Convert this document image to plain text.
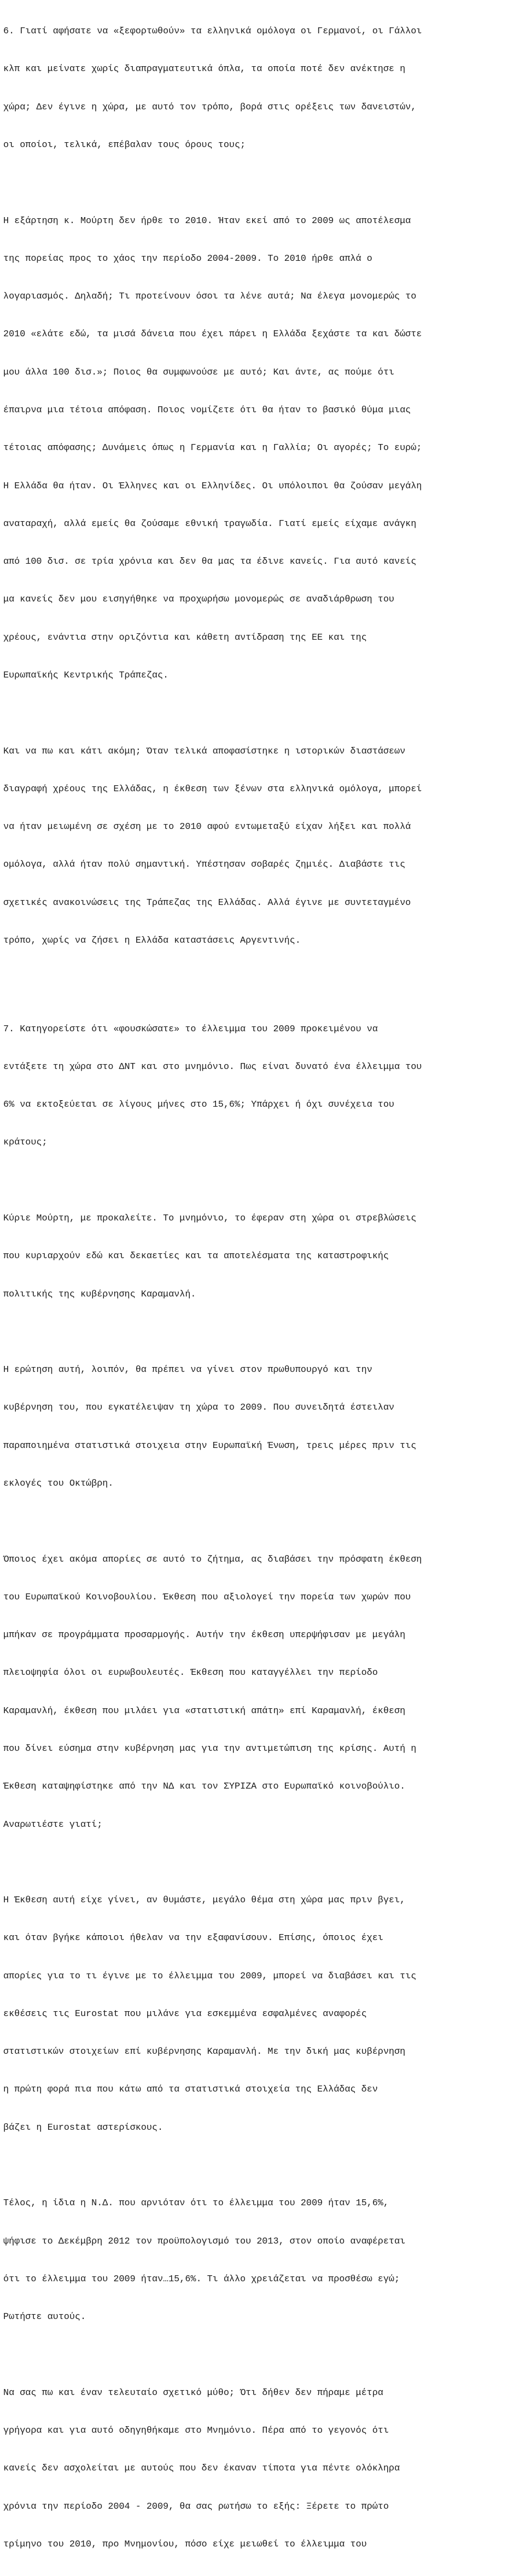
6. Γιατί αφήσατε να «ξεφορτωθούν» τα ελληνικά ομόλογα οι Γερμανοί, οι Γάλλοι

κλπ και μείνατε χωρίς διαπραγματευτικά όπλα, τα οποία ποτέ δεν ανέκτησε η

χώρα; Δεν έγινε η χώρα, με αυτό τον τρόπο, βορά στις ορέξεις των δανειστών,

οι οποίοι, τελικά, επέβαλαν τους όρους τους;

Η εξάρτηση κ. Μούρτη δεν ήρθε το 2010. Ήταν εκεί από το 2009 ως αποτέλεσμα

της πορείας προς το χάος την περίοδο 2004-2009. Το 2010 ήρθε απλά ο

λογαριασμός. Δηλαδή; Τι προτείνουν όσοι τα λένε αυτά; Να έλεγα μονομερώς το

2010 «ελάτε εδώ, τα μισά δάνεια που έχει πάρει η Ελλάδα ξεχάστε τα και δώστε

μου άλλα 100 δισ.»; Ποιος θα συμφωνούσε με αυτό; Και άντε, ας πούμε ότι

έπαιρνα μια τέτοια απόφαση. Ποιος νομίζετε ότι θα ήταν το βασικό θύμα μιας

τέτοιας απόφασης; Δυνάμεις όπως η Γερμανία και η Γαλλία; Οι αγορές; Το ευρώ;

Η Ελλάδα θα ήταν. Οι Έλληνες και οι Ελληνίδες. Οι υπόλοιποι θα ζούσαν μεγάλη

αναταραχή, αλλά εμείς θα ζούσαμε εθνική τραγωδία. Γιατί εμείς είχαμε ανάγκη

από 100 δισ. σε τρία χρόνια και δεν θα μας τα έδινε κανείς. Για αυτό κανείς

μα κανείς δεν μου εισηγήθηκε να προχωρήσω μονομερώς σε αναδιάρθρωση του

χρέους, ενάντια στην οριζόντια και κάθετη αντίδραση της ΕΕ και της

Ευρωπαϊκής Κεντρικής Τράπεζας.

Και να πω και κάτι ακόμη; Όταν τελικά αποφασίστηκε η ιστορικών διαστάσεων

διαγραφή χρέους της Ελλάδας, η έκθεση των ξένων στα ελληνικά ομόλογα, μπορεί

να ήταν μειωμένη σε σχέση με το 2010 αφού εντωμεταξύ είχαν λήξει και πολλά

ομόλογα, αλλά ήταν πολύ σημαντική. Υπέστησαν σοβαρές ζημιές. Διαβάστε τις

σχετικές ανακοινώσεις της Τράπεζας της Ελλάδας. Αλλά έγινε με συντεταγμένο

τρόπο, χωρίς να ζήσει η Ελλάδα καταστάσεις Αργεντινής.

7. Κατηγορείστε ότι «φουσκώσατε» το έλλειμμα του 2009 προκειμένου να

εντάξετε τη χώρα στο ΔΝΤ και στο μνημόνιο. Πως είναι δυνατό ένα έλλειμμα του

6% να εκτοξεύεται σε λίγους μήνες στο 15,6%; Υπάρχει ή όχι συνέχεια του

κράτους;

Κύριε Μούρτη, με προκαλείτε. Το μνημόνιο, το έφεραν στη χώρα οι στρεβλώσεις

που κυριαρχούν εδώ και δεκαετίες και τα αποτελέσματα της καταστροφικής

πολιτικής της κυβέρνησης Καραμανλή.

Η ερώτηση αυτή, λοιπόν, θα πρέπει να γίνει στον πρωθυπουργό και την

κυβέρνηση του, που εγκατέλειψαν τη χώρα το 2009. Που συνειδητά έστειλαν

παραποιημένα στατιστικά στοιχεια στην Ευρωπαϊκή Ένωση, τρεις μέρες πριν τις

εκλογές του Οκτώβρη.

Όποιος έχει ακόμα απορίες σε αυτό το ζήτημα, ας διαβάσει την πρόσφατη έκθεση

του Ευρωπαϊκού Κοινοβουλίου. Έκθεση που αξιολογεί την πορεία των χωρών που

μπήκαν σε προγράμματα προσαρμογής. Αυτήν την έκθεση υπερψήφισαν με μεγάλη

πλειοψηφία όλοι οι ευρωβουλευτές. Έκθεση που καταγγέλλει την περίοδο

Καραμανλή, έκθεση που μιλάει για «στατιστική απάτη» επί Καραμανλή, έκθεση

που δίνει εύσημα στην κυβέρνηση μας για την αντιμετώπιση της κρίσης. Αυτή η

Έκθεση καταψηφίστηκε από την ΝΔ και τον ΣΥΡΙΖΑ στο Ευρωπαϊκό κοινοβούλιο.

Αναρωτιέστε γιατί;

Η Έκθεση αυτή είχε γίνει, αν θυμάστε, μεγάλο θέμα στη χώρα μας πριν βγει,

και όταν βγήκε κάποιοι ήθελαν να την εξαφανίσουν. Επίσης, όποιος έχει

απορίες για το τι έγινε με το έλλειμμα του 2009, μπορεί να διαβάσει και τις

εκθέσεις τις Eurostat που μιλάνε για εσκεμμένα εσφαλμένες αναφορές

στατιστικών στοιχείων επί κυβέρνησης Καραμανλή. Με την δική μας κυβέρνηση

η πρώτη φορά πια που κάτω από τα στατιστικά στοιχεία της Ελλάδας δεν

βάζει η Eurostat αστερίσκους.

Τέλος, η ίδια η Ν.Δ. που αρνιόταν ότι το έλλειμμα του 2009 ήταν 15,6%,

ψήφισε το Δεκέμβρη 2012 τον προϋπολογισμό του 2013, στον οποίο αναφέρεται

ότι το έλλειμμα του 2009 ήταν…15,6%. Τι άλλο χρειάζεται να προσθέσω εγώ;

Ρωτήστε αυτούς.

Να σας πω και έναν τελευταίο σχετικό μύθο; Ότι δήθεν δεν πήραμε μέτρα

γρήγορα και για αυτό οδηγηθήκαμε στο Μνημόνιο. Πέρα από το γεγονός ότι

κανείς δεν ασχολείται με αυτούς που δεν έκαναν τίποτα για πέντε ολόκληρα

χρόνια την περίοδο 2004 - 2009, θα σας ρωτήσω το εξής: Ξέρετε το πρώτο

τρίμηνο του 2010, προ Μνημονίου, πόσο είχε μειωθεί το έλλειμμα του
